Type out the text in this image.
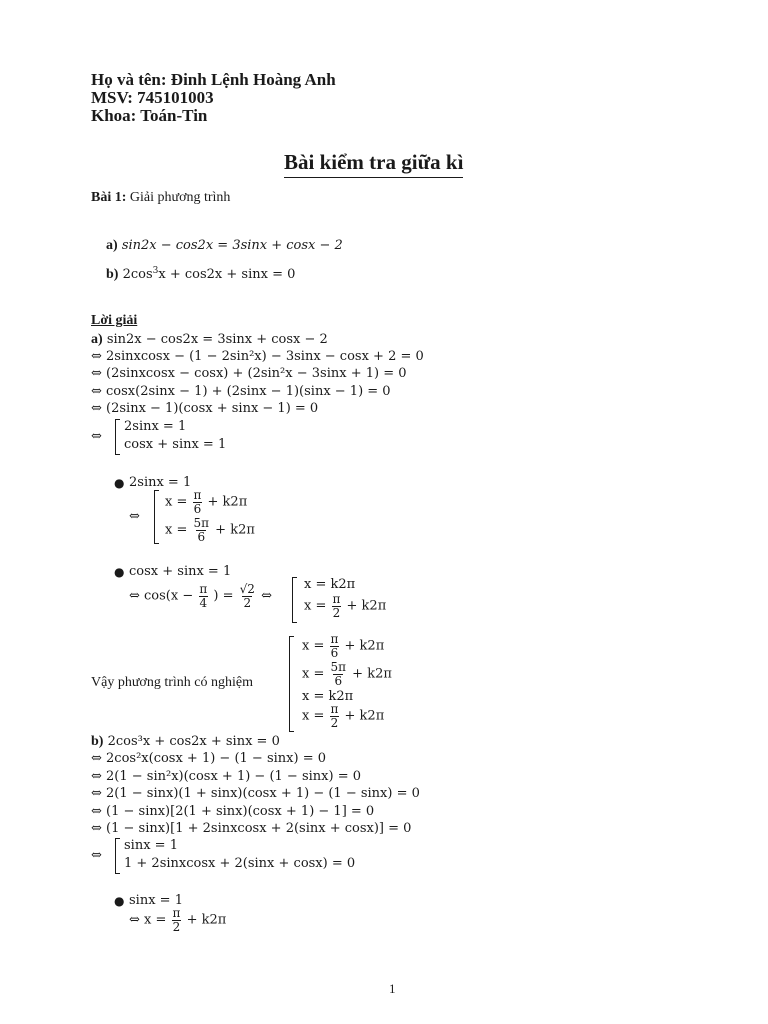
Họ và tên: Đinh Lệnh Hoàng Anh
MSV: 745101003
Khoa: Toán-Tin
Bài kiểm tra giữa kì
Bài 1: Giải phương trình
a) sin2x − cos2x = 3sinx + cosx − 2
b) $2\cos^3x + \cos 2x + \sin x = 0$
Lời giải
a) sin2x − cos2x = 3sinx + cosx − 2
⇔ 2sinxcosx − (1 − 2sin²x) − 3sinx − cosx + 2 = 0
⇔ (2sinxcosx − cosx) + (2sin²x − 3sinx + 1) = 0
⇔ cosx(2sinx − 1) + (2sinx − 1)(sinx − 1) = 0
⇔ (2sinx − 1)(cosx + sinx − 1) = 0
⇔
2sinx = 1
cosx + sinx = 1
● 2sinx = 1
⇔
$x = \frac{\pi}{6} + k2\pi$
$x = \frac{5\pi}{6} + k2\pi$
● cosx + sinx = 1
⇔ $\cos(x - \frac{\pi}{4}$ ) = $\frac{√2}{2}$ ⇔
x = k2π
$x = \frac{\pi}{2} + k2\pi$
Vậy phương trình có nghiệm
$x = \frac{\pi}{6} + k2\pi$
$x = \frac{5\pi}{6} + k2\pi$
x = k2π
$x = \frac{\pi}{2} + k2\pi$
b) 2cos³x + cos2x + sinx = 0
⇔ 2cos²x(cosx + 1) − (1 − sinx) = 0
⇔ 2(1 − sin²x)(cosx + 1) − (1 − sinx) = 0
⇔ 2(1 − sinx)(1 + sinx)(cosx + 1) − (1 − sinx) = 0
⇔ (1 − sinx)[2(1 + sinx)(cosx + 1) − 1] = 0
⇔ (1 − sinx)[1 + 2sinxcosx + 2(sinx + cosx)] = 0
⇔
sinx = 1
1 + 2sinxcosx + 2(sinx + cosx) = 0
● sinx = 1
⇔ $x = \frac{\pi}{2} + k2\pi$
1
